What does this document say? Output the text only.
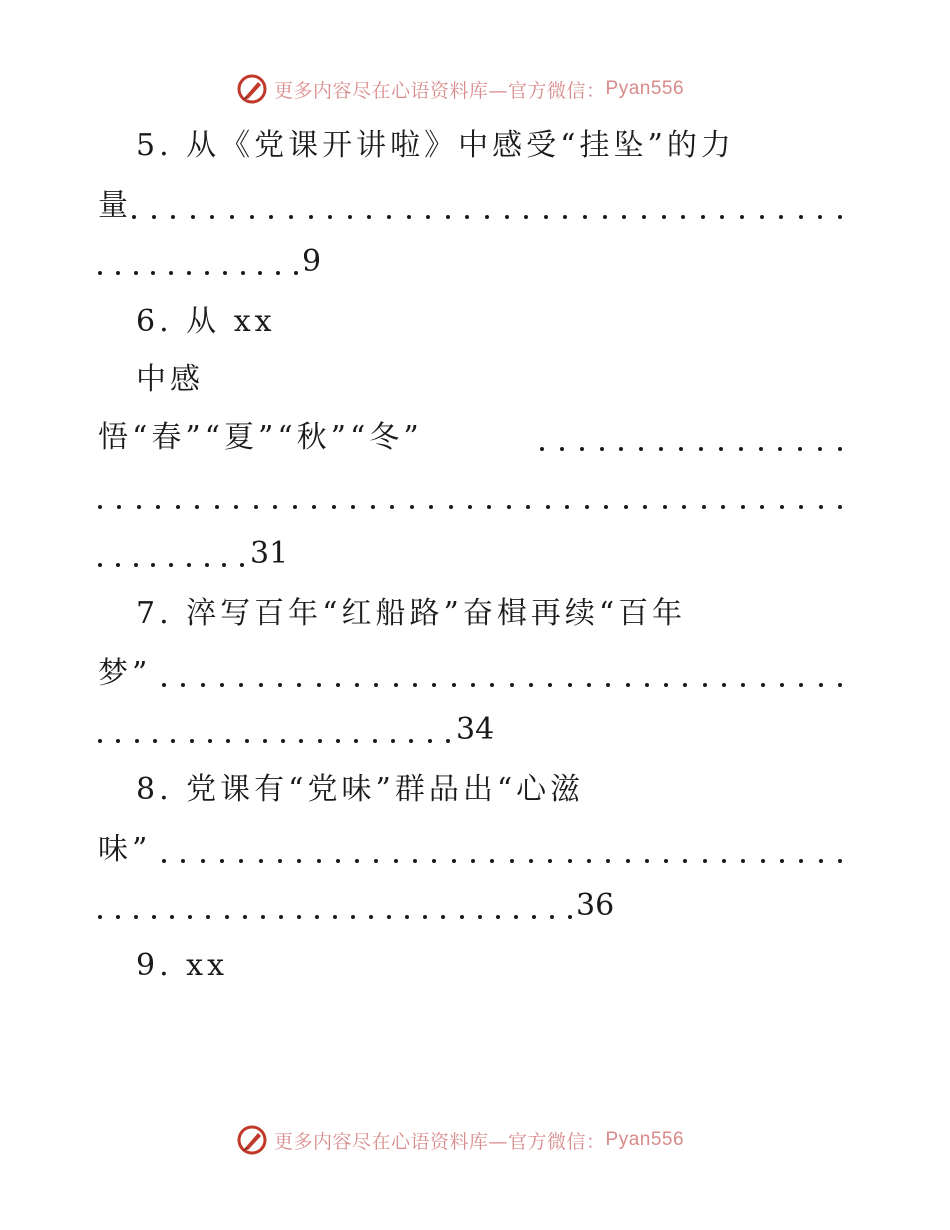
更多内容尽在心语资料库—官方微信： Pyan556
5. 从《党课开讲啦》中感受“挂坠”的力
量
9
6. 从 xx
中感
悟“春”“夏”“秋”“冬”
31
7. 淬写百年“红船路”奋楫再续“百年
梦”
34
8. 党课有“党味”群品出“心滋
味”
36
9. xx
更多内容尽在心语资料库—官方微信： Pyan556
